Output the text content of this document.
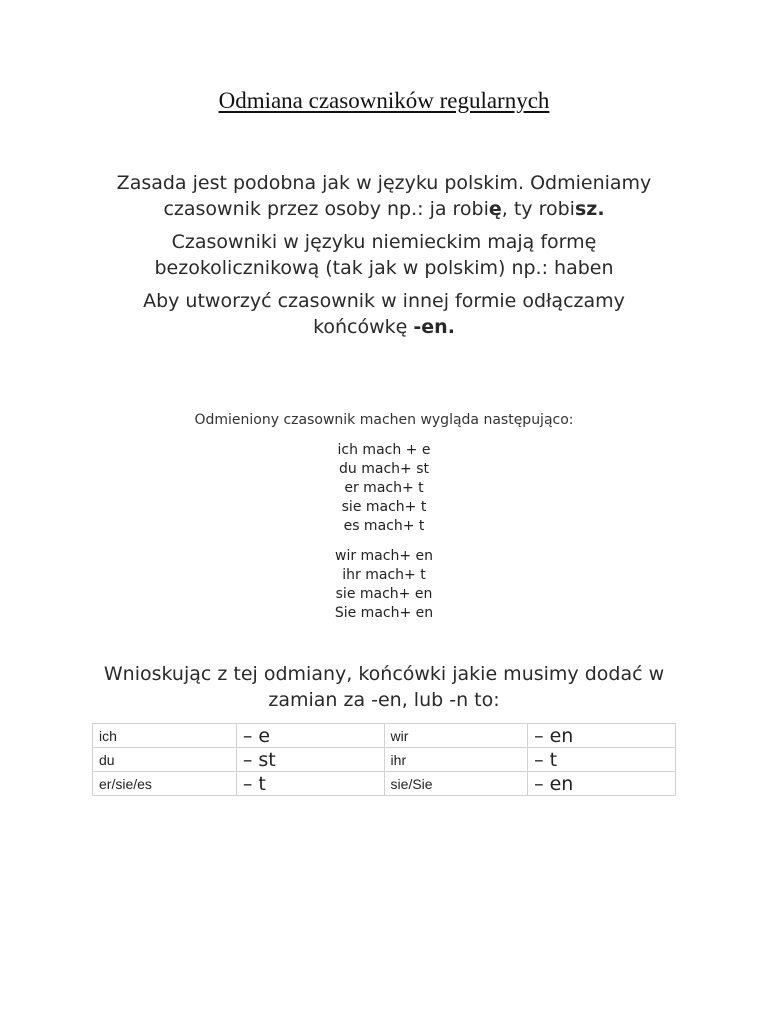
Odmiana czasowników regularnych

Zasada jest podobna jak w języku polskim. Odmieniamy czasownik przez osoby np.: ja robię, ty robisz.

Czasowniki w języku niemieckim mają formę bezokolicznikową (tak jak w polskim) np.: haben

Aby utworzyć czasownik w innej formie odłączamy końcówkę -en.

Odmieniony czasownik machen wygląda następująco:
ich mach + e
du mach+ st
er mach+ t
sie mach+ t
es mach+ t
wir mach+ en
ihr mach+ t
sie mach+ en
Sie mach+ en
Wnioskując z tej odmiany, końcówki jakie musimy dodać w zamian za -en, lub -n to:
ich	– e	wir	– en
du	– st	ihr	– t
er/sie/es	– t	sie/Sie	– en
